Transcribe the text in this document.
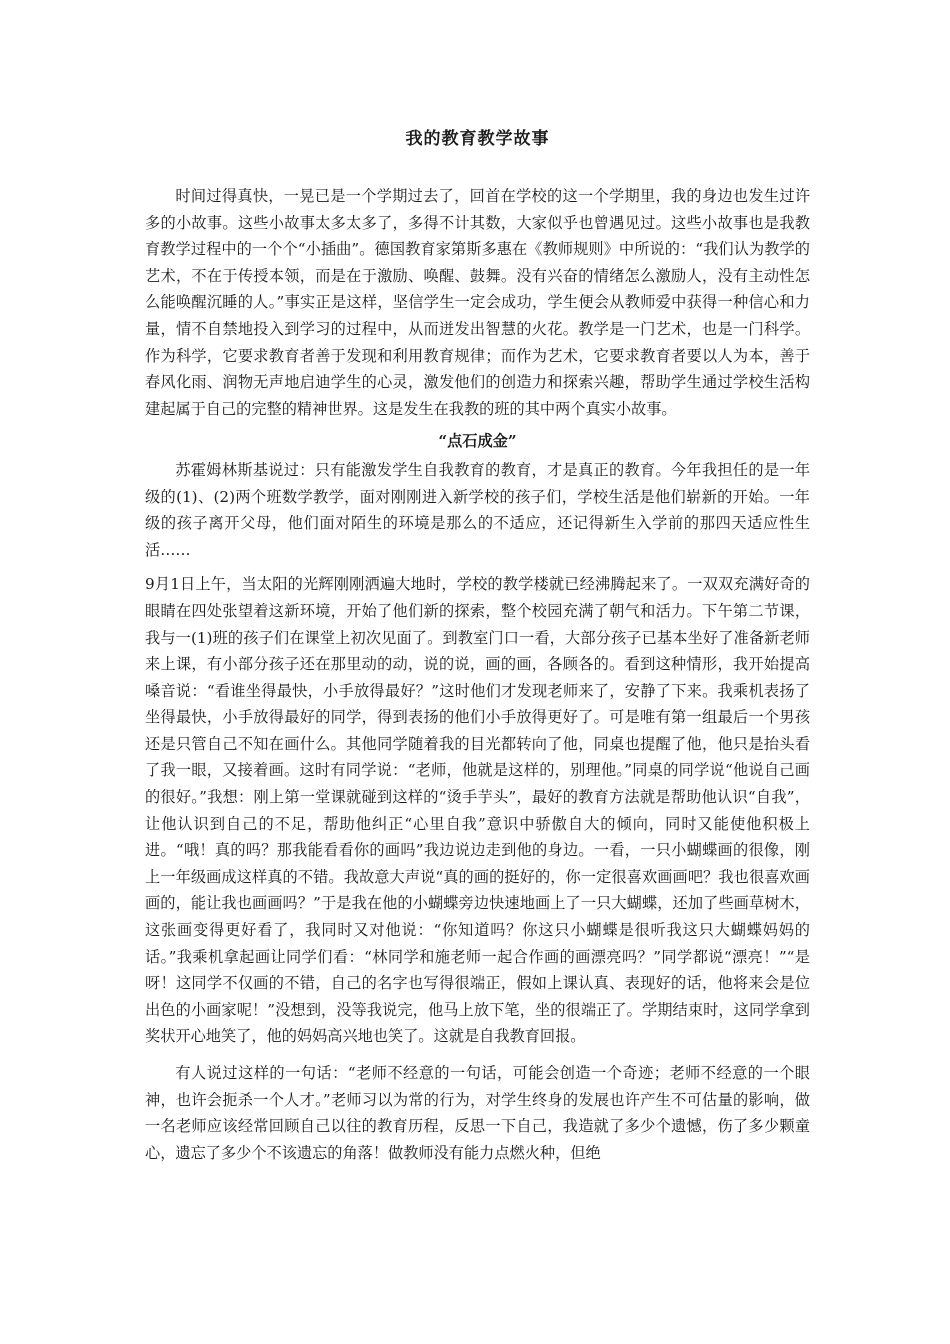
我的教育教学故事

时间过得真快，一晃已是一个学期过去了，回首在学校的这一个学期里，我的身边也发生过许多的小故事。这些小故事太多太多了，多得不计其数，大家似乎也曾遇见过。这些小故事也是我教育教学过程中的一个个“小插曲”。德国教育家第斯多惠在《教师规则》中所说的：“我们认为教学的艺术，不在于传授本领，而是在于激励、唤醒、鼓舞。没有兴奋的情绪怎么激励人，没有主动性怎么能唤醒沉睡的人。”事实正是这样，坚信学生一定会成功，学生便会从教师爱中获得一种信心和力量，情不自禁地投入到学习的过程中，从而迸发出智慧的火花。教学是一门艺术，也是一门科学。作为科学，它要求教育者善于发现和利用教育规律；而作为艺术，它要求教育者要以人为本，善于春风化雨、润物无声地启迪学生的心灵，激发他们的创造力和探索兴趣，帮助学生通过学校生活构建起属于自己的完整的精神世界。这是发生在我教的班的其中两个真实小故事。

“点石成金”

苏霍姆林斯基说过：只有能激发学生自我教育的教育，才是真正的教育。今年我担任的是一年级的(1)、(2)两个班数学教学，面对刚刚进入新学校的孩子们，学校生活是他们崭新的开始。一年级的孩子离开父母，他们面对陌生的环境是那么的不适应，还记得新生入学前的那四天适应性生活……

9月1日上午，当太阳的光辉刚刚洒遍大地时，学校的教学楼就已经沸腾起来了。一双双充满好奇的眼睛在四处张望着这新环境，开始了他们新的探索，整个校园充满了朝气和活力。下午第二节课，我与一(1)班的孩子们在课堂上初次见面了。到教室门口一看，大部分孩子已基本坐好了准备新老师来上课，有小部分孩子还在那里动的动，说的说，画的画，各顾各的。看到这种情形，我开始提高嗓音说：“看谁坐得最快，小手放得最好？”这时他们才发现老师来了，安静了下来。我乘机表扬了坐得最快，小手放得最好的同学，得到表扬的他们小手放得更好了。可是唯有第一组最后一个男孩还是只管自己不知在画什么。其他同学随着我的目光都转向了他，同桌也提醒了他，他只是抬头看了我一眼，又接着画。这时有同学说：“老师，他就是这样的，别理他。”同桌的同学说“他说自己画的很好。”我想：刚上第一堂课就碰到这样的“烫手芋头”，最好的教育方法就是帮助他认识“自我”，让他认识到自己的不足，帮助他纠正“心里自我”意识中骄傲自大的倾向，同时又能使他积极上进。“哦！真的吗？那我能看看你的画吗”我边说边走到他的身边。一看，一只小蝴蝶画的很像，刚上一年级画成这样真的不错。我故意大声说“真的画的挺好的，你一定很喜欢画画吧？我也很喜欢画画的，能让我也画画吗？”于是我在他的小蝴蝶旁边快速地画上了一只大蝴蝶，还加了些画草树木，这张画变得更好看了，我同时又对他说：“你知道吗？你这只小蝴蝶是很听我这只大蝴蝶妈妈的话。”我乘机拿起画让同学们看：“林同学和施老师一起合作画的画漂亮吗？”同学都说“漂亮！”“是呀！这同学不仅画的不错，自己的名字也写得很端正，假如上课认真、表现好的话，他将来会是位出色的小画家呢！”没想到，没等我说完，他马上放下笔，坐的很端正了。学期结束时，这同学拿到奖状开心地笑了，他的妈妈高兴地也笑了。这就是自我教育回报。

有人说过这样的一句话：“老师不经意的一句话，可能会创造一个奇迹；老师不经意的一个眼神，也许会扼杀一个人才。”老师习以为常的行为，对学生终身的发展也许产生不可估量的影响，做一名老师应该经常回顾自己以往的教育历程，反思一下自己，我造就了多少个遗憾，伤了多少颗童心，遗忘了多少个不该遗忘的角落！做教师没有能力点燃火种，但绝
